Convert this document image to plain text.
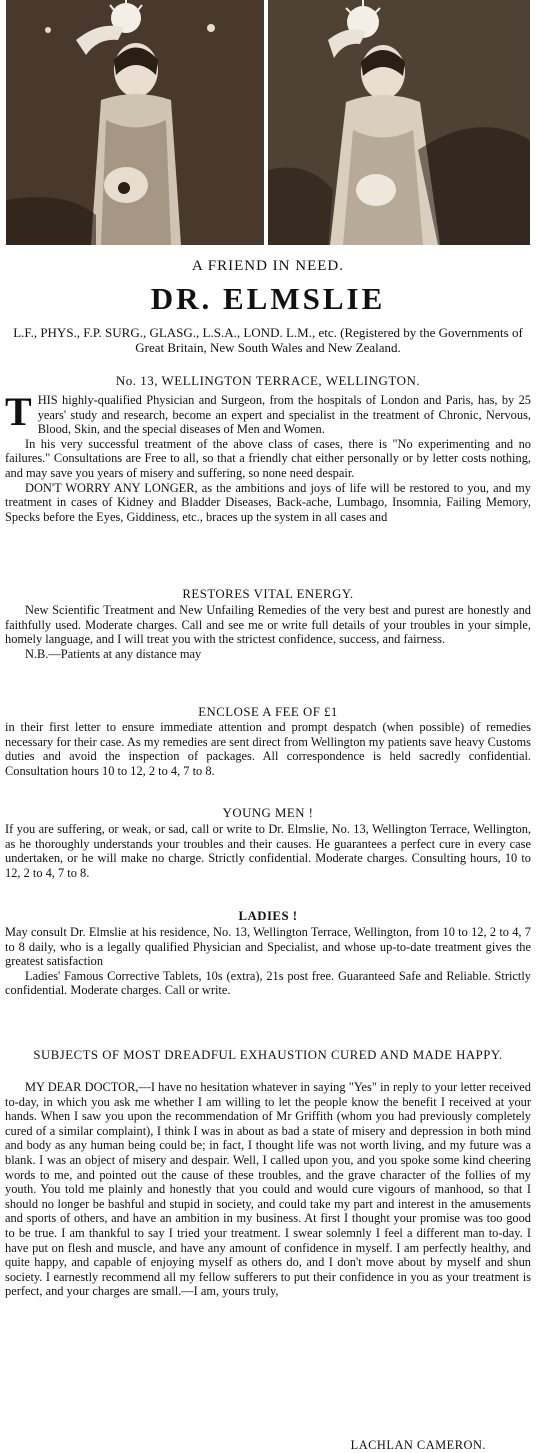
A FRIEND IN NEED.
DR. ELMSLIE
L.F., PHYS., F.P. SURG., GLASG., L.S.A., LOND. L.M., etc. (Registered by the Governments of Great Britain, New South Wales and New Zealand.
No. 13, WELLINGTON TERRACE, WELLINGTON.

T HIS highly-qualified Physician and Surgeon, from the hospitals of London and Paris, has, by 25 years' study and research, become an expert and specialist in the treatment of Chronic, Nervous, Blood, Skin, and the special diseases of Men and Women.

In his very successful treatment of the above class of cases, there is "No experimenting and no failures." Consultations are Free to all, so that a friendly chat either personally or by letter costs nothing, and may save you years of misery and suffering, so none need despair.

DON'T WORRY ANY LONGER, as the ambitions and joys of life will be restored to you, and my treatment in cases of Kidney and Bladder Diseases, Back-ache, Lumbago, Insomnia, Failing Memory, Specks before the Eyes, Giddiness, etc., braces up the system in all cases and

RESTORES VITAL ENERGY.

New Scientific Treatment and New Unfailing Remedies of the very best and purest are honestly and faithfully used. Moderate charges. Call and see me or write full details of your troubles in your simple, homely language, and I will treat you with the strictest confidence, success, and fairness.

N.B.—Patients at any distance may

ENCLOSE A FEE OF £1

in their first letter to ensure immediate attention and prompt despatch (when possible) of remedies necessary for their case. As my remedies are sent direct from Wellington my patients save heavy Customs duties and avoid the inspection of packages. All correspondence is held sacredly confidential. Consultation hours 10 to 12, 2 to 4, 7 to 8.

YOUNG MEN !

If you are suffering, or weak, or sad, call or write to Dr. Elmslie, No. 13, Wellington Terrace, Wellington, as he thoroughly understands your troubles and their causes. He guarantees a perfect cure in every case undertaken, or he will make no charge. Strictly confidential. Moderate charges. Consulting hours, 10 to 12, 2 to 4, 7 to 8.

LADIES !

May consult Dr. Elmslie at his residence, No. 13, Wellington Terrace, Wellington, from 10 to 12, 2 to 4, 7 to 8 daily, who is a legally qualified Physician and Specialist, and whose up-to-date treatment gives the greatest satisfaction

Ladies' Famous Corrective Tablets, 10s (extra), 21s post free. Guaranteed Safe and Reliable. Strictly confidential. Moderate charges. Call or write.

SUBJECTS OF MOST DREADFUL EXHAUSTION CURED AND MADE HAPPY.

MY DEAR DOCTOR,—I have no hesitation whatever in saying "Yes" in reply to your letter received to-day, in which you ask me whether I am willing to let the people know the benefit I received at your hands. When I saw you upon the recommendation of Mr Griffith (whom you had previously completely cured of a similar complaint), I think I was in about as bad a state of misery and depression in both mind and body as any human being could be; in fact, I thought life was not worth living, and my future was a blank. I was an object of misery and despair. Well, I called upon you, and you spoke some kind cheering words to me, and pointed out the cause of these troubles, and the grave character of the follies of my youth. You told me plainly and honestly that you could and would cure vigours of manhood, so that I should no longer be bashful and stupid in society, and could take my part and interest in the amusements and sports of others, and have an ambition in my business. At first I thought your promise was too good to be true. I am thankful to say I tried your treatment. I swear solemnly I feel a different man to-day. I have put on flesh and muscle, and have any amount of confidence in myself. I am perfectly healthy, and quite happy, and capable of enjoying myself as others do, and I don't move about by myself and shun society. I earnestly recommend all my fellow sufferers to put their confidence in you as your treatment is perfect, and your charges are small.—I am, yours truly,

LACHLAN CAMERON.
